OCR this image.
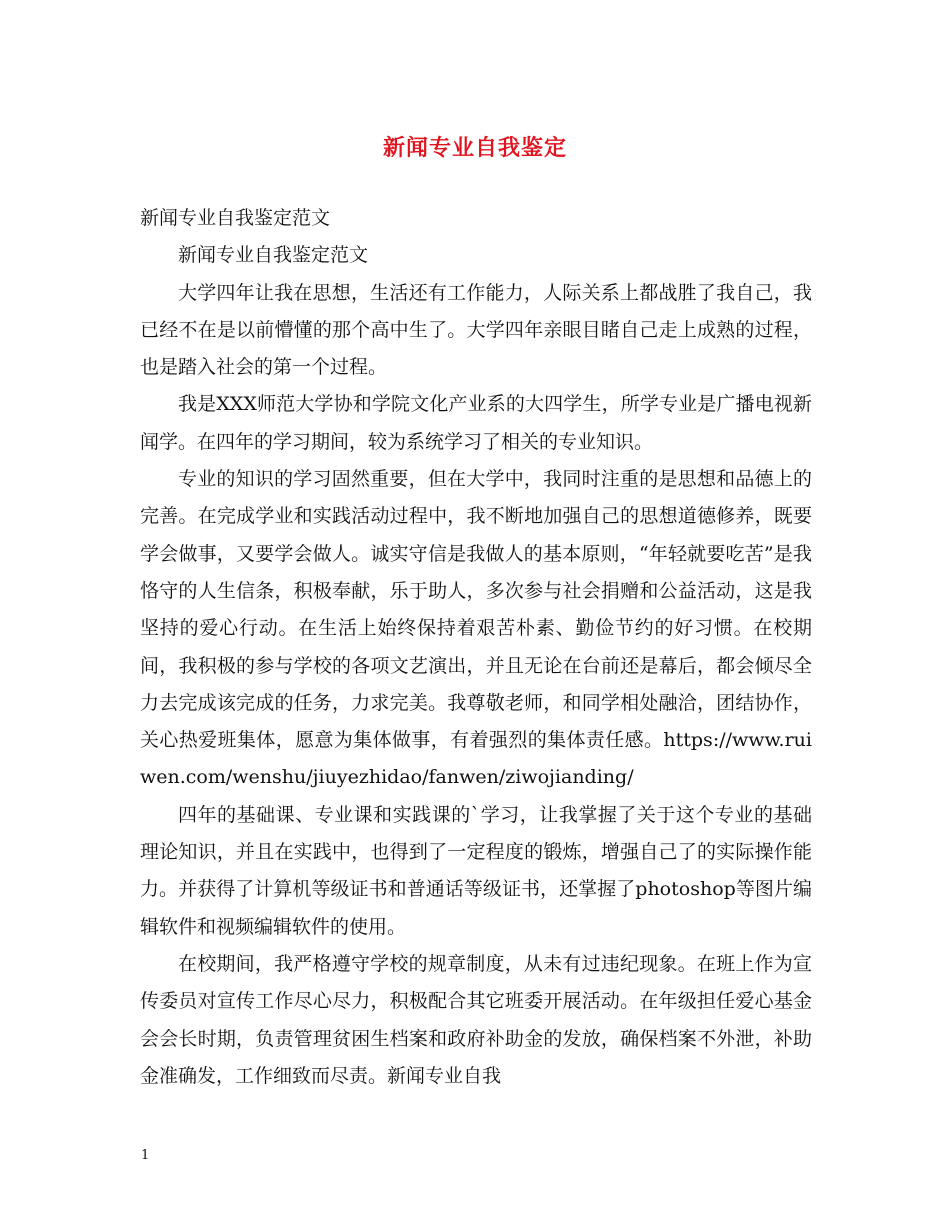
新闻专业自我鉴定

新闻专业自我鉴定范文

新闻专业自我鉴定范文

大学四年让我在思想，生活还有工作能力，人际关系上都战胜了我自己，我已经不在是以前懵懂的那个高中生了。大学四年亲眼目睹自己走上成熟的过程，也是踏入社会的第一个过程。

我是XXX师范大学协和学院文化产业系的大四学生，所学专业是广播电视新闻学。在四年的学习期间，较为系统学习了相关的专业知识。

专业的知识的学习固然重要，但在大学中，我同时注重的是思想和品德上的完善。在完成学业和实践活动过程中，我不断地加强自己的思想道德修养，既要学会做事，又要学会做人。诚实守信是我做人的基本原则，“年轻就要吃苦”是我恪守的人生信条，积极奉献，乐于助人，多次参与社会捐赠和公益活动，这是我坚持的爱心行动。在生活上始终保持着艰苦朴素、勤俭节约的好习惯。在校期间，我积极的参与学校的各项文艺演出，并且无论在台前还是幕后，都会倾尽全力去完成该完成的任务，力求完美。我尊敬老师，和同学相处融洽，团结协作，关心热爱班集体，愿意为集体做事，有着强烈的集体责任感。https://www.ruiwen.com/wenshu/jiuyezhidao/fanwen/ziwojianding/

四年的基础课、专业课和实践课的`学习，让我掌握了关于这个专业的基础理论知识，并且在实践中，也得到了一定程度的锻炼，增强自己了的实际操作能力。并获得了计算机等级证书和普通话等级证书，还掌握了photoshop等图片编辑软件和视频编辑软件的使用。

在校期间，我严格遵守学校的规章制度，从未有过违纪现象。在班上作为宣传委员对宣传工作尽心尽力，积极配合其它班委开展活动。在年级担任爱心基金会会长时期，负责管理贫困生档案和政府补助金的发放，确保档案不外泄，补助金准确发，工作细致而尽责。新闻专业自我

1
